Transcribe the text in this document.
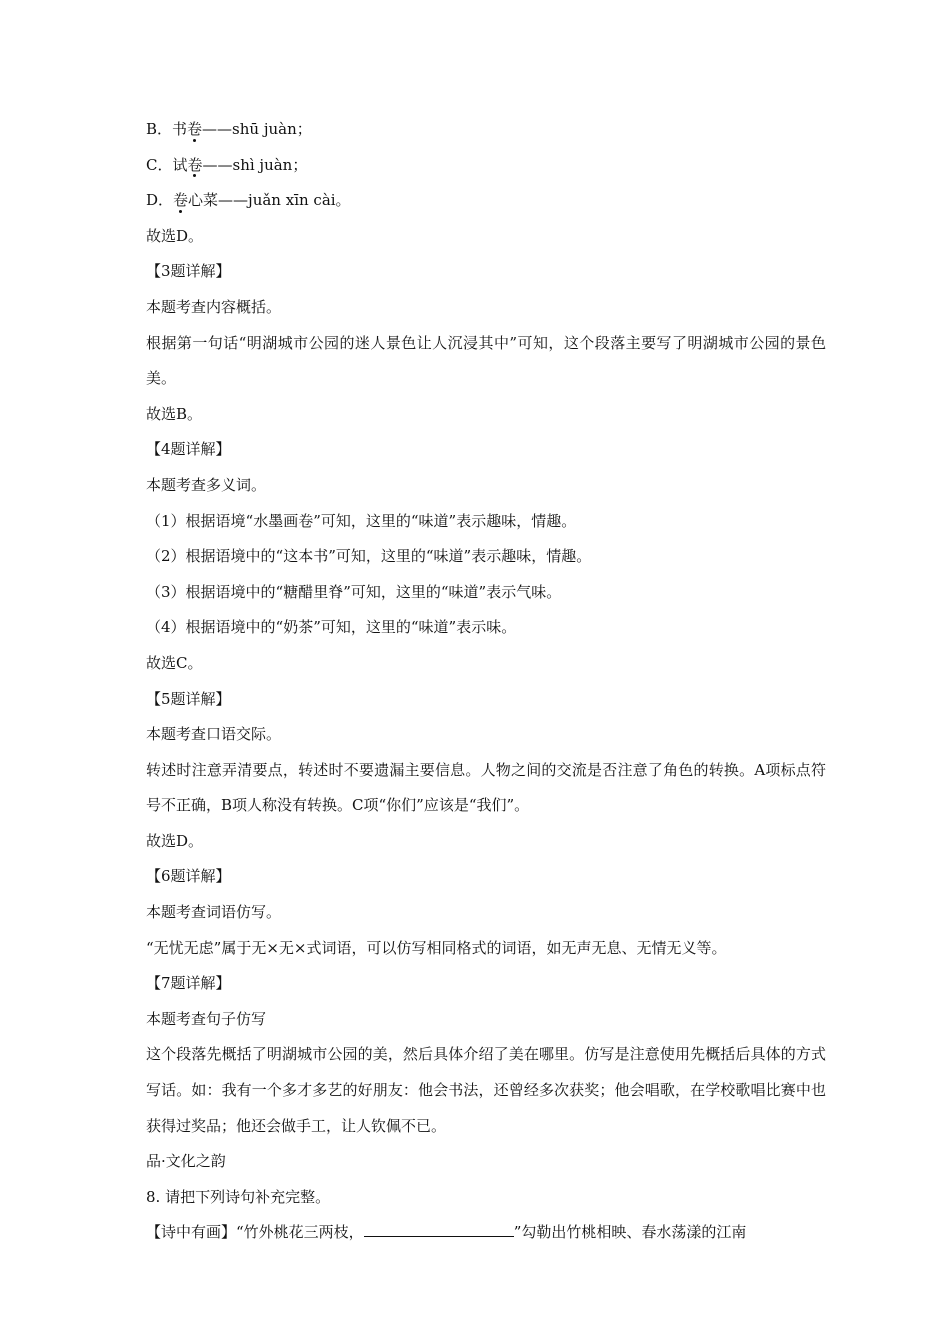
B．书卷——shū juàn；
C．试卷——shì juàn；
D．卷心菜——juǎn xīn cài。
故选D。
【3题详解】
本题考查内容概括。
根据第一句话“明湖城市公园的迷人景色让人沉浸其中”可知，这个段落主要写了明湖城市公园的景色美。
故选B。
【4题详解】
本题考查多义词。
（1）根据语境“水墨画卷”可知，这里的“味道”表示趣味，情趣。
（2）根据语境中的“这本书”可知，这里的“味道”表示趣味，情趣。
（3）根据语境中的“糖醋里脊”可知，这里的“味道”表示气味。
（4）根据语境中的“奶茶”可知，这里的“味道”表示味。
故选C。
【5题详解】
本题考查口语交际。
转述时注意弄清要点，转述时不要遗漏主要信息。人物之间的交流是否注意了角色的转换。A项标点符号不正确，B项人称没有转换。C项“你们”应该是“我们”。
故选D。
【6题详解】
本题考查词语仿写。
“无忧无虑”属于无×无×式词语，可以仿写相同格式的词语，如无声无息、无情无义等。
【7题详解】
本题考查句子仿写
这个段落先概括了明湖城市公园的美，然后具体介绍了美在哪里。仿写是注意使用先概括后具体的方式写话。如：我有一个多才多艺的好朋友：他会书法，还曾经多次获奖；他会唱歌，在学校歌唱比赛中也获得过奖品；他还会做手工，让人钦佩不已。
品·文化之韵
8. 请把下列诗句补充完整。
【诗中有画】“竹外桃花三两枝，	”勾勒出竹桃相映、春水荡漾的江南
